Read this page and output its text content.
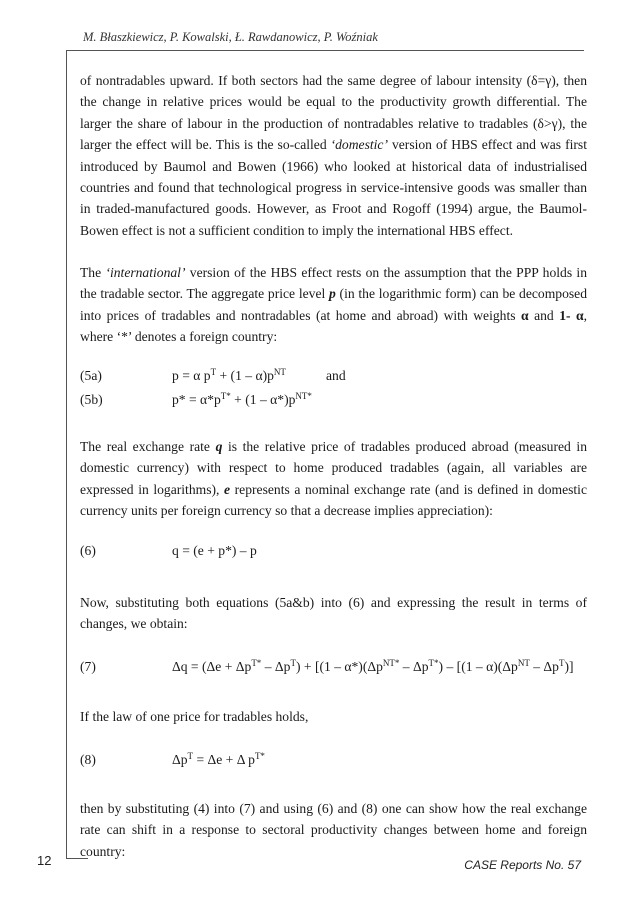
M. Błaszkiewicz, P. Kowalski, Ł. Rawdanowicz, P. Woźniak

of nontradables upward. If both sectors had the same degree of labour intensity (δ=γ), then the change in relative prices would be equal to the productivity growth differential. The larger the share of labour in the production of nontradables relative to tradables (δ>γ), the larger the effect will be. This is the so-called ‘domestic’ version of HBS effect and was first introduced by Baumol and Bowen (1966) who looked at historical data of industrialised countries and found that technological progress in service-intensive goods was smaller than in traded-manufactured goods. However, as Froot and Rogoff (1994) argue, the Baumol-Bowen effect is not a sufficient condition to imply the international HBS effect.

The ‘international’ version of the HBS effect rests on the assumption that the PPP holds in the tradable sector. The aggregate price level p (in the logarithmic form) can be decomposed into prices of tradables and nontradables (at home and abroad) with weights α and 1- α, where ‘*’ denotes a foreign country:

(5a)	p = α $p^T + (1 - \alpha)p^{NT}$	and
(5b)	$p* = \alpha*p^{T*} + (1 - \alpha*)p^{NT*}$

The real exchange rate q is the relative price of tradables produced abroad (measured in domestic currency) with respect to home produced tradables (again, all variables are expressed in logarithms), e represents a nominal exchange rate (and is defined in domestic currency units per foreign currency so that a decrease implies appreciation):

(6)	q = (e + p*) – p

Now, substituting both equations (5a&b) into (6) and expressing the result in terms of changes, we obtain:

(7)	$\Delta q = (\Delta e + \Delta p^{T*} - \Delta p^T) + [(1 - \alpha*)(\Delta p^{NT*} - \Delta p^{T*}) - [(1 - \alpha)(\Delta p^{NT} - \Delta p^T)]$

If the law of one price for tradables holds,

(8)	$\Delta p^T = \Delta e + \Delta$ $p^{T*}$

then by substituting (4) into (7) and using (6) and (8) one can show how the real exchange rate can shift in a response to sectoral productivity changes between home and foreign country:

12	CASE Reports No. 57
